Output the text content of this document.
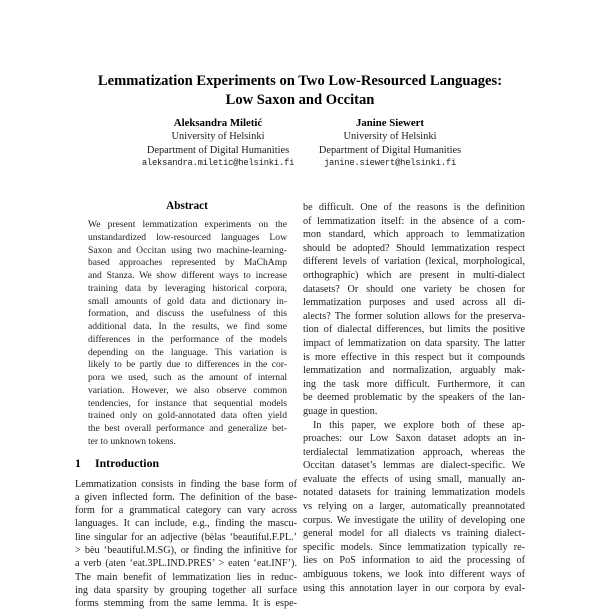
Lemmatization Experiments on Two Low-Resourced Languages:
Low Saxon and Occitan
Aleksandra Miletić
University of Helsinki
Department of Digital Humanities
aleksandra.miletic@helsinki.fi
Janine Siewert
University of Helsinki
Department of Digital Humanities
janine.siewert@helsinki.fi
Abstract
We present lemmatization experiments on the
unstandardized low-resourced languages Low
Saxon and Occitan using two machine-learning-
based approaches represented by MaChAmp
and Stanza. We show different ways to increase
training data by leveraging historical corpora,
small amounts of gold data and dictionary in-
formation, and discuss the usefulness of this
additional data. In the results, we find some
differences in the performance of the models
depending on the language. This variation is
likely to be partly due to differences in the cor-
pora we used, such as the amount of internal
variation. However, we also observe common
tendencies, for instance that sequential models
trained only on gold-annotated data often yield
the best overall performance and generalize bet-
ter to unknown tokens.
1 Introduction
Lemmatization consists in finding the base form of
a given inflected form. The definition of the base-
form for a grammatical category can vary across
languages. It can include, e.g., finding the mascu-
line singular for an adjective (bèlas ‘beautiful.F.PL.’
> bèu ‘beautiful.M.SG), or finding the infinitive for
a verb (aten ‘eat.3PL.IND.PRES’ > eaten ‘eat.INF’).
The main benefit of lemmatization lies in reduc-
ing data sparsity by grouping together all surface
forms stemming from the same lemma. It is espe-
be difficult. One of the reasons is the definition
of lemmatization itself: in the absence of a com-
mon standard, which approach to lemmatization
should be adopted? Should lemmatization respect
different levels of variation (lexical, morphological,
orthographic) which are present in multi-dialect
datasets? Or should one variety be chosen for
lemmatization purposes and used across all di-
alects? The former solution allows for the preserva-
tion of dialectal differences, but limits the positive
impact of lemmatization on data sparsity. The latter
is more effective in this respect but it compounds
lemmatization and normalization, arguably mak-
ing the task more difficult. Furthermore, it can
be deemed problematic by the speakers of the lan-
guage in question.
In this paper, we explore both of these ap-
proaches: our Low Saxon dataset adopts an in-
terdialectal lemmatization approach, whereas the
Occitan dataset’s lemmas are dialect-specific. We
evaluate the effects of using small, manually an-
notated datasets for training lemmatization models
vs relying on a larger, automatically preannotated
corpus. We investigate the utility of developing one
general model for all dialects vs training dialect-
specific models. Since lemmatization typically re-
lies on PoS information to aid the processing of
ambiguous tokens, we look into different ways of
using this annotation layer in our corpora by eval-
